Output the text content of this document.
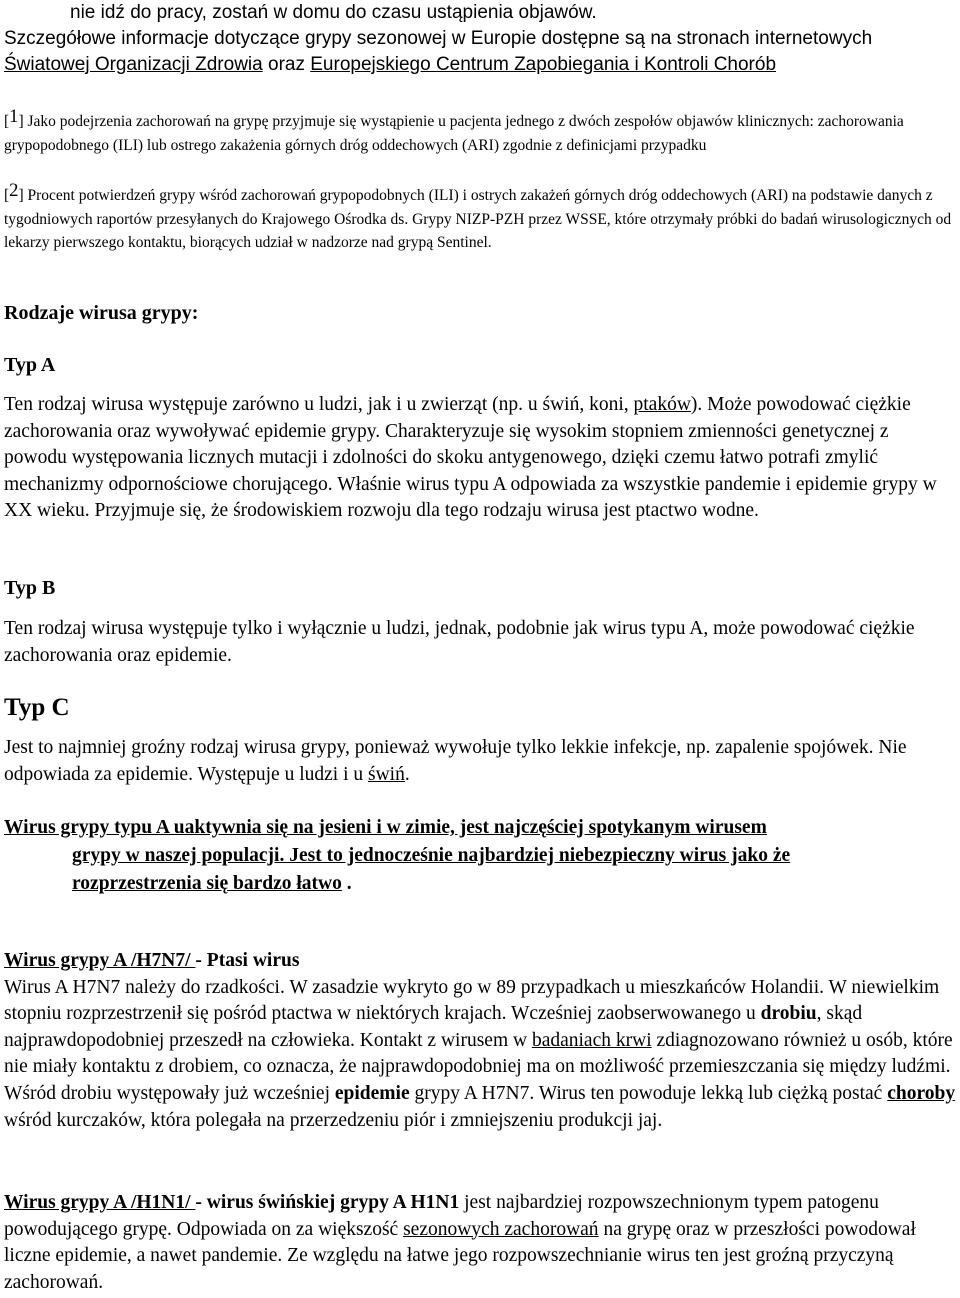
nie idź do pracy, zostań w domu do czasu ustąpienia objawów.
Szczegółowe informacje dotyczące grypy sezonowej w Europie dostępne są na stronach internetowych Światowej Organizacji Zdrowia oraz Europejskiego Centrum Zapobiegania i Kontroli Chorób
[1] Jako podejrzenia zachorowań na grypę przyjmuje się wystąpienie u pacjenta jednego z dwóch zespołów objawów klinicznych: zachorowania grypopodobnego (ILI) lub ostrego zakażenia górnych dróg oddechowych (ARI) zgodnie z definicjami przypadku
[2] Procent potwierdzeń grypy wśród zachorowań grypopodobnych (ILI) i ostrych zakażeń górnych dróg oddechowych (ARI) na podstawie danych z tygodniowych raportów przesyłanych do Krajowego Ośrodka ds. Grypy NIZP-PZH przez WSSE, które otrzymały próbki do badań wirusologicznych od lekarzy pierwszego kontaktu, biorących udział w nadzorze nad grypą Sentinel.
Rodzaje wirusa grypy:
Typ A
Ten rodzaj wirusa występuje zarówno u ludzi, jak i u zwierząt (np. u świń, koni, ptaków). Może powodować ciężkie zachorowania oraz wywoływać epidemie grypy. Charakteryzuje się wysokim stopniem zmienności genetycznej z powodu występowania licznych mutacji i zdolności do skoku antygenowego, dzięki czemu łatwo potrafi zmylić mechanizmy odpornościowe chorującego. Właśnie wirus typu A odpowiada za wszystkie pandemie i epidemie grypy w XX wieku. Przyjmuje się, że środowiskiem rozwoju dla tego rodzaju wirusa jest ptactwo wodne.
Typ B
Ten rodzaj wirusa występuje tylko i wyłącznie u ludzi, jednak, podobnie jak wirus typu A, może powodować ciężkie zachorowania oraz epidemie.
Typ C
Jest to najmniej groźny rodzaj wirusa grypy, ponieważ wywołuje tylko lekkie infekcje, np. zapalenie spojówek. Nie odpowiada za epidemie. Występuje u ludzi i u świń.
Wirus grypy typu A uaktywnia się na jesieni i w zimie, jest najczęściej spotykanym wirusem
grypy w naszej populacji. Jest to jednocześnie najbardziej niebezpieczny wirus jako że
rozprzestrzenia się bardzo łatwo .
Wirus grypy A /H7N7/ - Ptasi wirus
Wirus A H7N7 należy do rzadkości. W zasadzie wykryto go w 89 przypadkach u mieszkańców Holandii. W niewielkim stopniu rozprzestrzenił się pośród ptactwa w niektórych krajach. Wcześniej zaobserwowanego u drobiu, skąd najprawdopodobniej przeszedł na człowieka. Kontakt z wirusem w badaniach krwi zdiagnozowano również u osób, które nie miały kontaktu z drobiem, co oznacza, że najprawdopodobniej ma on możliwość przemieszczania się między ludźmi. Wśród drobiu występowały już wcześniej epidemie grypy A H7N7. Wirus ten powoduje lekką lub ciężką postać choroby wśród kurczaków, która polegała na przerzedzeniu piór i zmniejszeniu produkcji jaj.
Wirus grypy A /H1N1/ - wirus świńskiej grypy A H1N1 jest najbardziej rozpowszechnionym typem patogenu powodującego grypę. Odpowiada on za większość sezonowych zachorowań na grypę oraz w przeszłości powodował liczne epidemie, a nawet pandemie. Ze względu na łatwe jego rozpowszechnianie wirus ten jest groźną przyczyną zachorowań.
